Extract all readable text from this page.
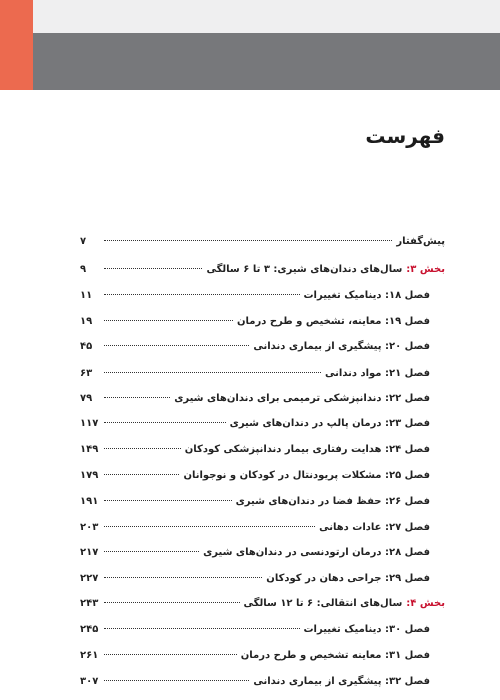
فهرست
پیش‌گفتار
۷
بخش ۳:
سال‌های دندان‌های شیری: ۳ تا ۶ سالگی
۹
فصل ۱۸: دینامیک تغییرات
۱۱
فصل ۱۹: معاینه، تشخیص و طرح درمان
۱۹
فصل ۲۰: پیشگیری از بیماری دندانی
۴۵
فصل ۲۱: مواد دندانی
۶۳
فصل ۲۲: دندانپزشکی ترمیمی برای دندان‌های شیری
۷۹
فصل ۲۳: درمان پالپ در دندان‌های شیری
۱۱۷
فصل ۲۴: هدایت رفتاری بیمار دندانپزشکی کودکان
۱۴۹
فصل ۲۵: مشکلات پریودنتال در کودکان و نوجوانان
۱۷۹
فصل ۲۶: حفظ فضا در دندان‌های شیری
۱۹۱
فصل ۲۷: عادات دهانی
۲۰۳
فصل ۲۸: درمان ارتودنسی در دندان‌های شیری
۲۱۷
فصل ۲۹: جراحی دهان در کودکان
۲۲۷
بخش ۴:
سال‌های انتقالی: ۶ تا ۱۲ سالگی
۲۴۳
فصل ۳۰: دینامیک تغییرات
۲۴۵
فصل ۳۱: معاینه تشخیص و طرح درمان
۲۶۱
فصل ۳۲: پیشگیری از بیماری دندانی
۳۰۷
